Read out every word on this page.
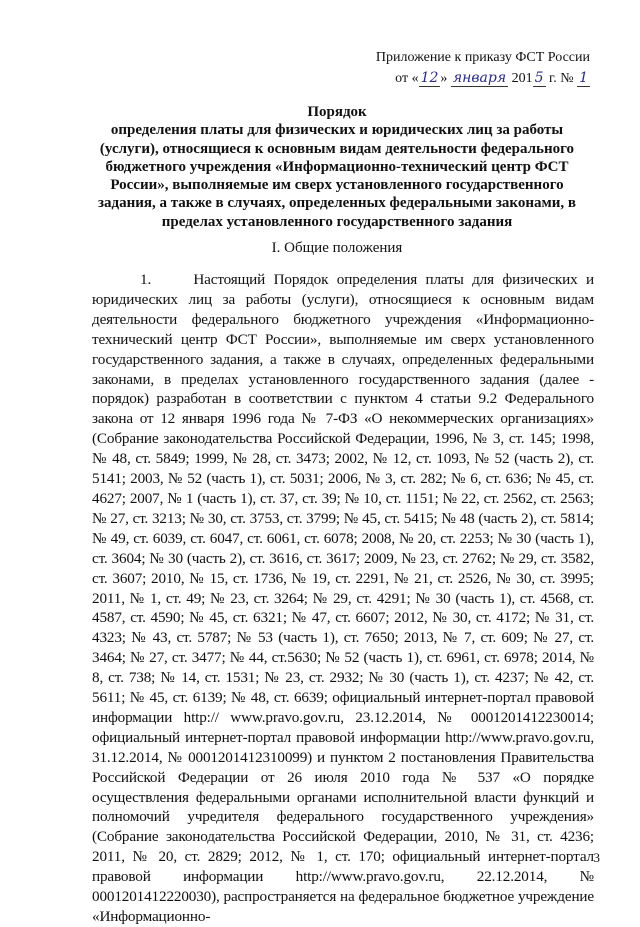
Приложение к приказу ФСТ России
от « 12 » января 201 5 г. № 1
Порядок
определения платы для физических и юридических лиц за работы (услуги), относящиеся к основным видам деятельности федерального бюджетного учреждения «Информационно-технический центр ФСТ России», выполняемые им сверх установленного государственного задания, а также в случаях, определенных федеральными законами, в пределах установленного государственного задания
I. Общие положения
1.     Настоящий Порядок определения платы для физических и юридических лиц за работы (услуги), относящиеся к основным видам деятельности федерального бюджетного учреждения «Информационно-технический центр ФСТ России», выполняемые им сверх установленного государственного задания, а также в случаях, определенных федеральными законами, в пределах установленного государственного задания (далее - порядок) разработан в соответствии с пунктом 4 статьи 9.2 Федерального закона от 12 января 1996 года № 7-ФЗ «О некоммерческих организациях» (Собрание законодательства Российской Федерации, 1996, № 3, ст. 145; 1998, № 48, ст. 5849; 1999, № 28, ст. 3473; 2002, № 12, ст. 1093, № 52 (часть 2), ст. 5141; 2003, № 52 (часть 1), ст. 5031; 2006, № 3, ст. 282; № 6, ст. 636; № 45, ст. 4627; 2007, № 1 (часть 1), ст. 37, ст. 39; № 10, ст. 1151; № 22, ст. 2562, ст. 2563; № 27, ст. 3213; № 30, ст. 3753, ст. 3799; № 45, ст. 5415; № 48 (часть 2), ст. 5814; № 49, ст. 6039, ст. 6047, ст. 6061, ст. 6078; 2008, № 20, ст. 2253; № 30 (часть 1), ст. 3604; № 30 (часть 2), ст. 3616, ст. 3617; 2009, № 23, ст. 2762; № 29, ст. 3582, ст. 3607; 2010, № 15, ст. 1736, № 19, ст. 2291, № 21, ст. 2526, № 30, ст. 3995; 2011, № 1, ст. 49; № 23, ст. 3264; № 29, ст. 4291; № 30 (часть 1), ст. 4568, ст. 4587, ст. 4590; № 45, ст. 6321; № 47, ст. 6607; 2012, № 30, ст. 4172; № 31, ст. 4323; № 43, ст. 5787; № 53 (часть 1), ст. 7650; 2013, № 7, ст. 609; № 27, ст. 3464; № 27, ст. 3477; № 44, ст.5630; № 52 (часть 1), ст. 6961, ст. 6978; 2014, № 8, ст. 738; № 14, ст. 1531; № 23, ст. 2932; № 30 (часть 1), ст. 4237; № 42, ст. 5611; № 45, ст. 6139; № 48, ст. 6639; официальный интернет-портал правовой информации http:// www.pravo.gov.ru, 23.12.2014, № 0001201412230014; официальный интернет-портал правовой информации http://www.pravo.gov.ru, 31.12.2014, № 0001201412310099) и пунктом 2 постановления Правительства Российской Федерации от 26 июля 2010 года № 537 «О порядке осуществления федеральными органами исполнительной власти функций и полномочий учредителя федерального государственного учреждения» (Собрание законодательства Российской Федерации, 2010, № 31, ст. 4236; 2011, № 20, ст. 2829; 2012, № 1, ст. 170; официальный интернет-портал правовой информации http://www.pravo.gov.ru, 22.12.2014, № 0001201412220030), распространяется на федеральное бюджетное учреждение «Информационно-
3
